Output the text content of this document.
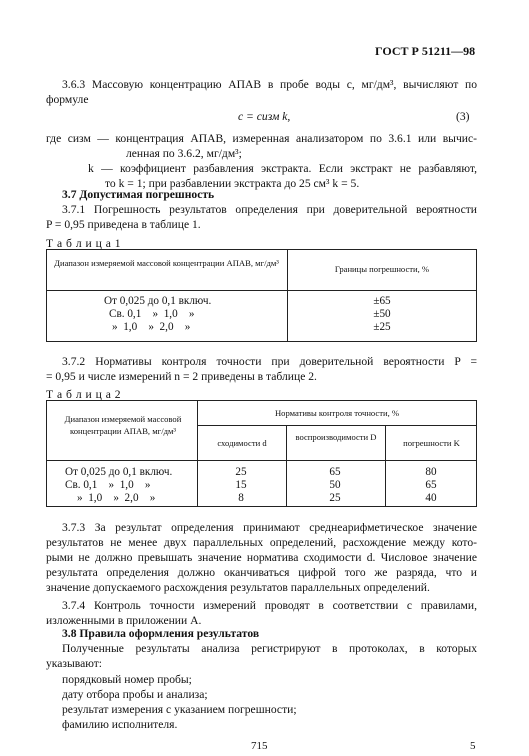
ГОСТ Р 51211—98
3.6.3 Массовую концентрацию АПАВ в пробе воды c, мг/дм³, вычисляют по
формуле
c = cизм k,	(3)
где cизм — концентрация АПАВ, измеренная анализатором по 3.6.1 или вычис-
ленная по 3.6.2, мг/дм³;
k — коэффициент разбавления экстракта. Если экстракт не разбавляют,
то k = 1; при разбавлении экстракта до 25 см³ k = 5.
3.7 Допустимая погрешность
3.7.1 Погрешность результатов определения при доверительной вероятности
P = 0,95 приведена в таблице 1.
Т а б л и ц а 1
Диапазон измеряемой массовой концентрации АПАВ, мг/дм³
Границы погрешности, %
От 0,025 до 0,1 включ.
Св. 0,1    »  1,0    »
»  1,0    »  2,0    »
±65
±50
±25
3.7.2 Нормативы контроля точности при доверительной вероятности P =
= 0,95 и числе измерений n = 2 приведены в таблице 2.
Т а б л и ц а 2
Диапазон измеряемой массовой концентрации АПАВ, мг/дм³
Нормативы контроля точности, %
сходимости d
воспроизводимости D
погрешности K
От 0,025 до 0,1 включ.
Св. 0,1    »  1,0    »
»  1,0    »  2,0    »
25
15
8
65
50
25
80
65
40
3.7.3 За результат определения принимают среднеарифметическое значение
результатов не менее двух параллельных определений, расхождение между кото-
рыми не должно превышать значение норматива сходимости d. Числовое значение
результата определения должно оканчиваться цифрой того же разряда, что и
значение допускаемого расхождения результатов параллельных определений.
3.7.4 Контроль точности измерений проводят в соответствии с правилами,
изложенными в приложении А.
3.8 Правила оформления результатов
Полученные результаты анализа регистрируют в протоколах, в которых
указывают:
порядковый номер пробы;
дату отбора пробы и анализа;
результат измерения с указанием погрешности;
фамилию исполнителя.
715	5
